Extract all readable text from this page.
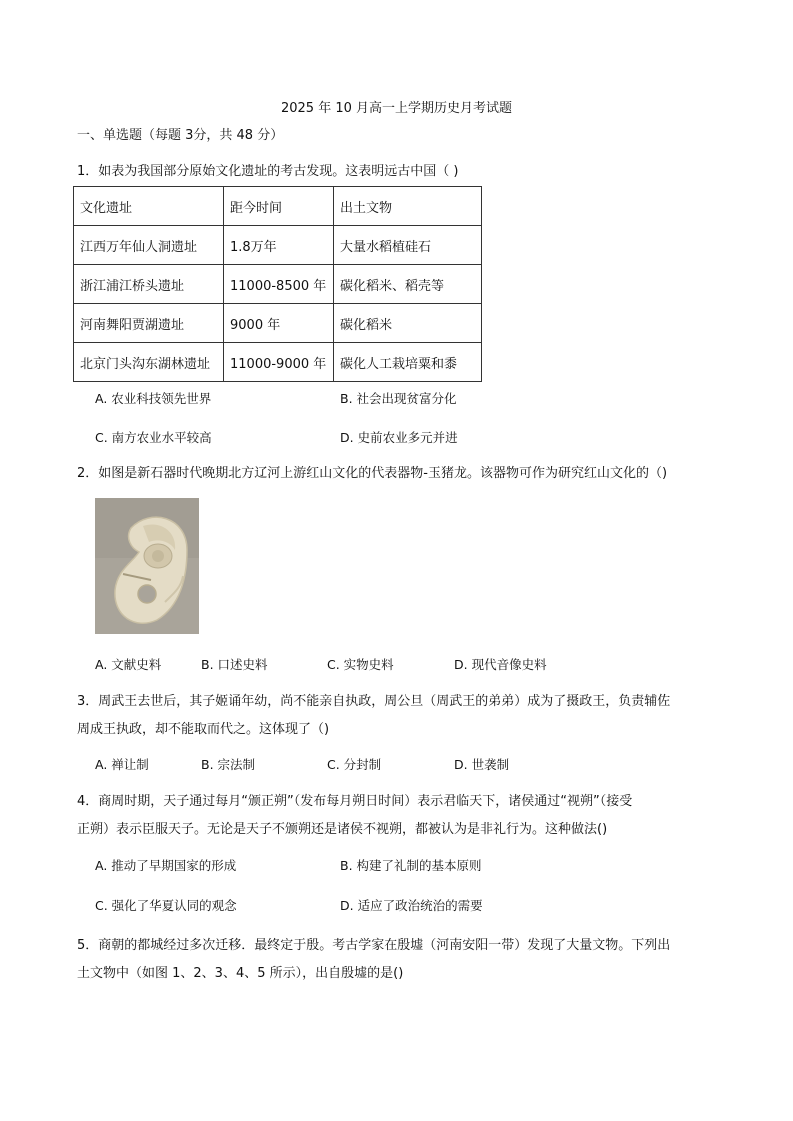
2025 年 10 月高一上学期历史月考试题
一、单选题（每题 3分，共 48 分）
1．如表为我国部分原始文化遗址的考古发现。这表明远古中国（ )
文化遗址	距今时间	出土文物
江西万年仙人洞遗址	1.8万年	大量水稻植硅石
浙江浦江桥头遗址	11000-8500 年	碳化稻米、稻壳等
河南舞阳贾湖遗址	9000 年	碳化稻米
北京门头沟东湖林遗址	11000-9000 年	碳化人工栽培粟和黍
A. 农业科技领先世界	B. 社会出现贫富分化
C. 南方农业水平较高	D. 史前农业多元并进
2．如图是新石器时代晚期北方辽河上游红山文化的代表器物-玉猪龙。该器物可作为研究红山文化的（)
A. 文献史料	B. 口述史料	C. 实物史料	D. 现代音像史料
3．周武王去世后，其子姬诵年幼，尚不能亲自执政，周公旦（周武王的弟弟）成为了摄政王，负责辅佐
周成王执政，却不能取而代之。这体现了（)
A. 禅让制	B. 宗法制	C. 分封制	D. 世袭制
4．商周时期，天子通过每月“颁正朔”（发布每月朔日时间）表示君临天下，诸侯通过“视朔”（接受
正朔）表示臣服天子。无论是天子不颁朔还是诸侯不视朔，都被认为是非礼行为。这种做法()
A. 推动了早期国家的形成	B. 构建了礼制的基本原则
C. 强化了华夏认同的观念	D. 适应了政治统治的需要
5．商朝的都城经过多次迁移．最终定于殷。考古学家在殷墟（河南安阳一带）发现了大量文物。下列出
土文物中（如图 1、2、3、4、5 所示），出自殷墟的是()
